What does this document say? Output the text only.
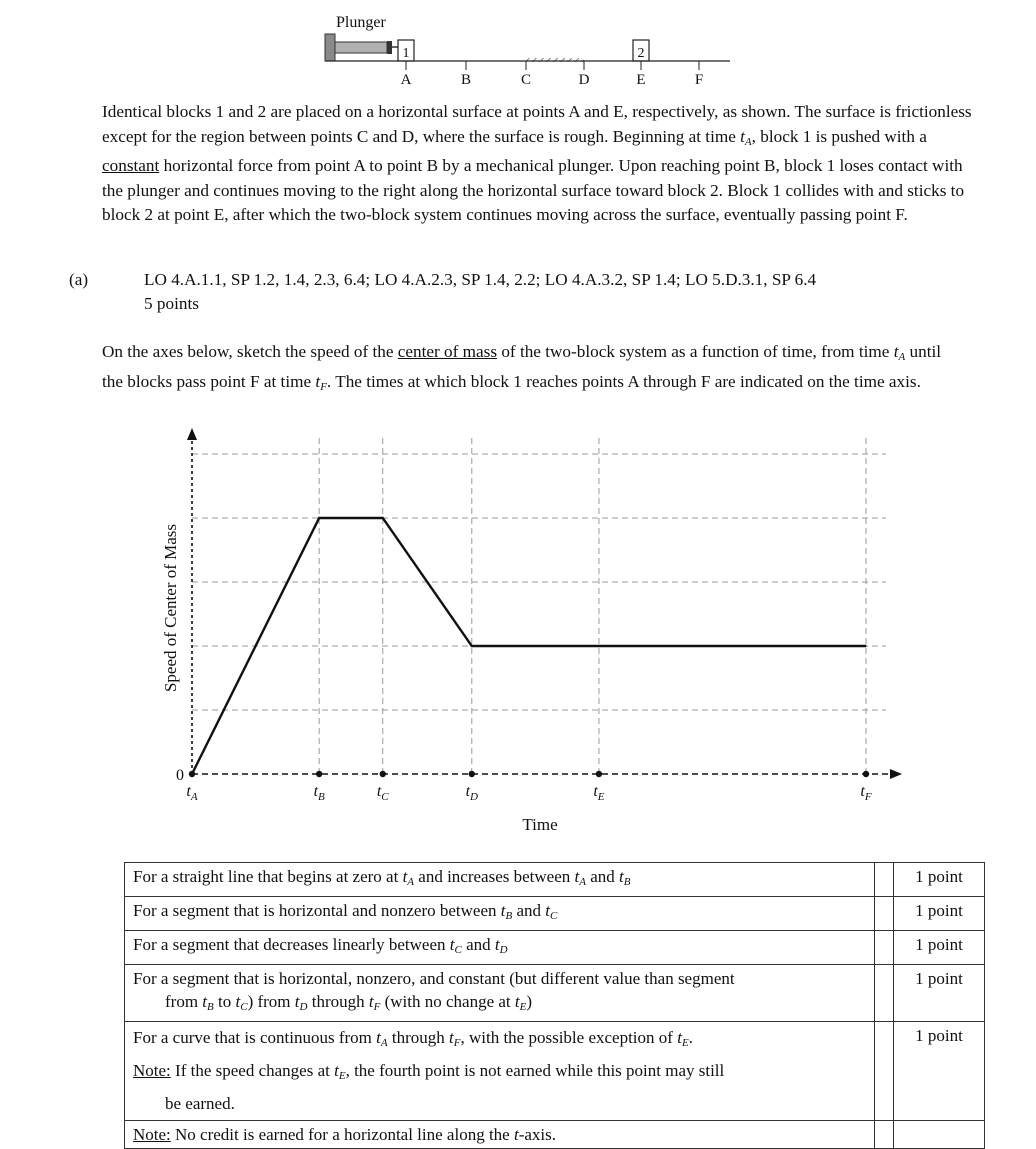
Plunger
1	2
A	B	C	D	E	F
0
Speed of Center of Mass
Time
$t_A$	$t_B$	$t_C$	$t_D$	$t_E$	$t_F$

Identical blocks 1 and 2 are placed on a horizontal surface at points A and E, respectively, as shown. The surface is frictionless except for the region between points C and D, where the surface is rough. Beginning at time $t_A$, block 1 is pushed with a constant horizontal force from point A to point B by a mechanical plunger. Upon reaching point B, block 1 loses contact with the plunger and continues moving to the right along the horizontal surface toward block 2. Block 1 collides with and sticks to block 2 at point E, after which the two-block system continues moving across the surface, eventually passing point F.

(a)	LO 4.A.1.1, SP 1.2, 1.4, 2.3, 6.4; LO 4.A.2.3, SP 1.4, 2.2; LO 4.A.3.2, SP 1.4; LO 5.D.3.1, SP 6.4
5 points

On the axes below, sketch the speed of the center of mass of the two-block system as a function of time, from time $t_A$ until the blocks pass point F at time $t_F$. The times at which block 1 reaches points A through F are indicated on the time axis.

For a straight line that begins at zero at $t_A$ and increases between $t_A$ and $t_B$		1 point
For a segment that is horizontal and nonzero between $t_B$ and $t_C$		1 point
For a segment that decreases linearly between $t_C$ and $t_D$		1 point
For a segment that is horizontal, nonzero, and constant (but different value than segment
from $t_B$ to $t_C$) from $t_D$ through $t_F$ (with no change at $t_E$)		1 point
For a curve that is continuous from $t_A$ through $t_F$, with the possible exception of $t_E$.
Note: If the speed changes at $t_E$, the fourth point is not earned while this point may still
be earned.		1 point
Note: No credit is earned for a horizontal line along the t-axis.		
